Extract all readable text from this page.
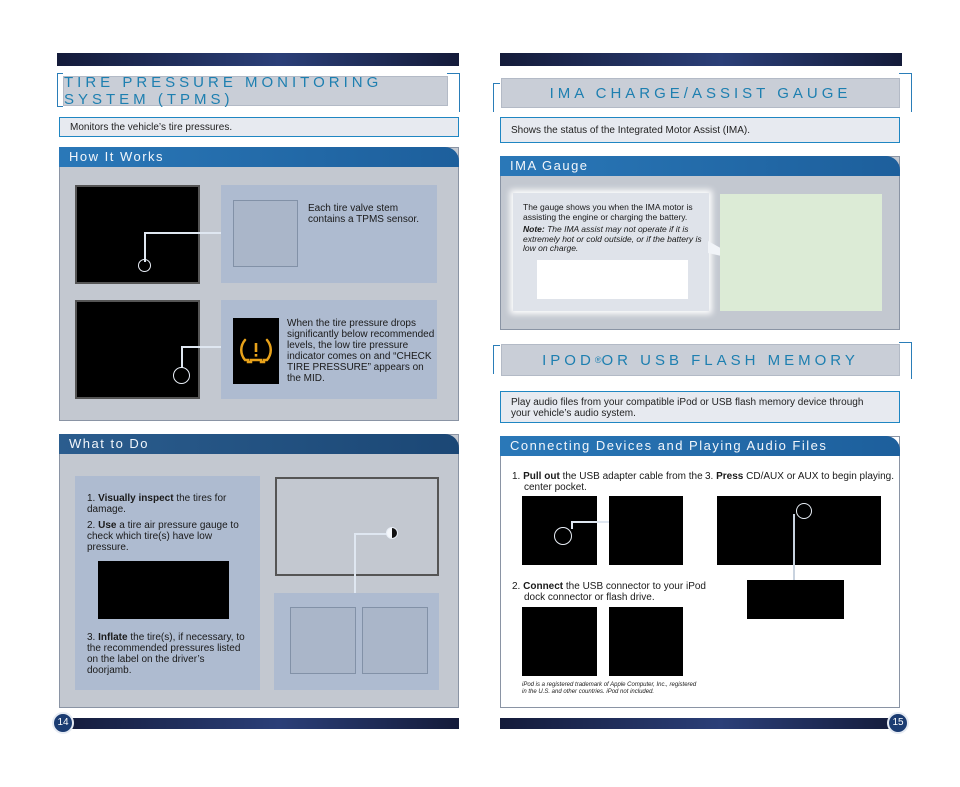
TIRE PRESSURE MONITORING SYSTEM (TPMS)
Monitors the vehicle’s tire pressures.
How It Works
Each tire valve stem contains a TPMS sensor.
When the tire pressure drops significantly below recommended levels, the low tire pressure indicator comes on and “CHECK TIRE PRESSURE” appears on the MID.
What to Do
1. Visually inspect the tires for damage.
2. Use a tire air pressure gauge to check which tire(s) have low pressure.
3. Inflate the tire(s), if necessary, to the recommended pressures listed on the label on the driver’s doorjamb.
14
IMA CHARGE/ASSIST GAUGE
Shows the status of the Integrated Motor Assist (IMA).
IMA Gauge
The gauge shows you when the IMA motor is assisting the engine or charging the battery.
Note: The IMA assist may not operate if it is extremely hot or cold outside, or if the battery is low on charge.
IPOD ® OR USB FLASH MEMORY
Play audio files from your compatible iPod or USB flash memory device through your vehicle’s audio system.
Connecting Devices and Playing Audio Files
1. Pull out the USB adapter cable from the center pocket.
2. Connect the USB connector to your iPod dock connector or flash drive.
iPod is a registered trademark of Apple Computer, Inc., registered in the U.S. and other countries. iPod not included.
3. Press CD/AUX or AUX to begin playing.
15
